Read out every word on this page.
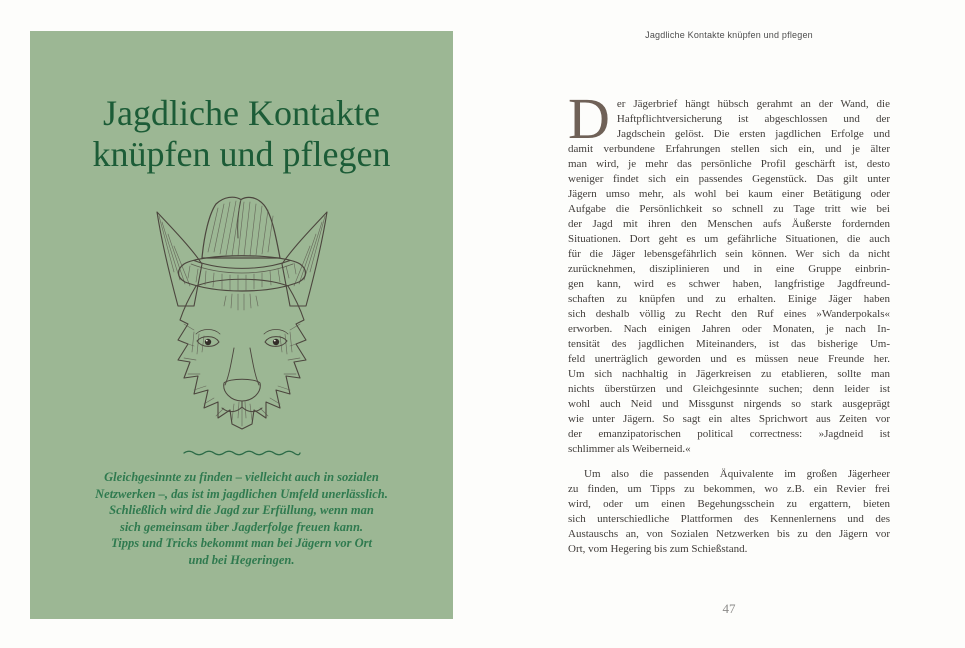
Jagdliche Kontakte
knüpfen und pflegen
Gleichgesinnte zu finden – vielleicht auch in sozialen
Netzwerken –, das ist im jagdlichen Umfeld unerlässlich.
Schließlich wird die Jagd zur Erfüllung, wenn man
sich gemeinsam über Jagderfolge freuen kann.
Tipps und Tricks bekommt man bei Jägern vor Ort
und bei Hegeringen.
Jagdliche Kontakte knüpfen und pflegen
D er Jägerbrief hängt hübsch gerahmt an der Wand, die
Haftpflichtversicherung ist abgeschlossen und der
Jagdschein gelöst. Die ersten jagdlichen Erfolge und
damit verbundene Erfahrungen stellen sich ein, und je älter
man wird, je mehr das persönliche Profil geschärft ist, desto
weniger findet sich ein passendes Gegenstück. Das gilt unter
Jägern umso mehr, als wohl bei kaum einer Betätigung oder
Aufgabe die Persönlichkeit so schnell zu Tage tritt wie bei
der Jagd mit ihren den Menschen aufs Äußerste fordernden
Situationen. Dort geht es um gefährliche Situationen, die auch
für die Jäger lebensgefährlich sein können. Wer sich da nicht
zurücknehmen, disziplinieren und in eine Gruppe einbrin-
gen kann, wird es schwer haben, langfristige Jagdfreund-
schaften zu knüpfen und zu erhalten. Einige Jäger haben
sich deshalb völlig zu Recht den Ruf eines »Wanderpokals«
erworben. Nach einigen Jahren oder Monaten, je nach In-
tensität des jagdlichen Miteinanders, ist das bisherige Um-
feld unerträglich geworden und es müssen neue Freunde her.
Um sich nachhaltig in Jägerkreisen zu etablieren, sollte man
nichts überstürzen und Gleichgesinnte suchen; denn leider ist
wohl auch Neid und Missgunst nirgends so stark ausgeprägt
wie unter Jägern. So sagt ein altes Sprichwort aus Zeiten vor
der emanzipatorischen political correctness: »Jagdneid ist
schlimmer als Weiberneid.«
Um also die passenden Äquivalente im großen Jägerheer
zu finden, um Tipps zu bekommen, wo z.B. ein Revier frei
wird, oder um einen Begehungsschein zu ergattern, bieten
sich unterschiedliche Plattformen des Kennenlernens und des
Austauschs an, von Sozialen Netzwerken bis zu den Jägern vor
Ort, vom Hegering bis zum Schießstand.
47
